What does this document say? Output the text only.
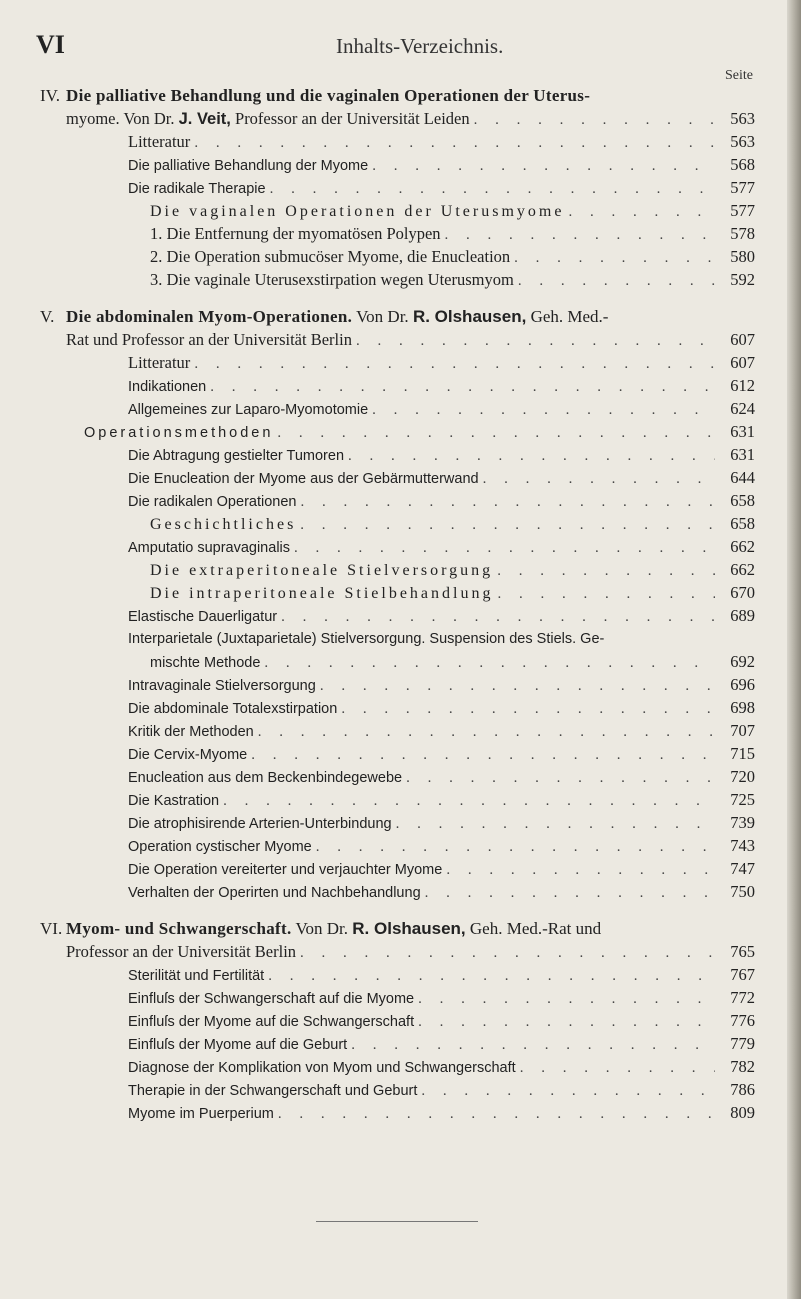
VI	Inhalts-Verzeichnis.
Seite
IV. Die palliative Behandlung und die vaginalen Operationen der Uterus-
myome. Von Dr. J. Veit, Professor an der Universität Leiden . . .	563
Litteratur . . .	563
Die palliative Behandlung der Myome . . .	568
Die radikale Therapie . . .	577
Die vaginalen Operationen der Uterusmyome . . .	577
1. Die Entfernung der myomatösen Polypen . . .	578
2. Die Operation submucöser Myome, die Enucleation . . .	580
3. Die vaginale Uterusexstirpation wegen Uterusmyom . . .	592
V. Die abdominalen Myom-Operationen. Von Dr. R. Olshausen, Geh. Med.-
Rat und Professor an der Universität Berlin . . .	607
Litteratur . . .	607
Indikationen . . .	612
Allgemeines zur Laparo-Myomotomie . . .	624
Operationsmethoden . . .	631
Die Abtragung gestielter Tumoren . . .	631
Die Enucleation der Myome aus der Gebärmutterwand . . .	644
Die radikalen Operationen . . .	658
Geschichtliches . . .	658
Amputatio supravaginalis . . .	662
Die extraperitoneale Stielversorgung . . .	662
Die intraperitoneale Stielbehandlung . . .	670
Elastische Dauerligatur . . .	689
Interparietale (Juxtaparietale) Stielversorgung. Suspension des Stiels. Ge-
mischte Methode . . .	692
Intravaginale Stielversorgung . . .	696
Die abdominale Totalexstirpation . . .	698
Kritik der Methoden . . .	707
Die Cervix-Myome . . .	715
Enucleation aus dem Beckenbindegewebe . . .	720
Die Kastration . . .	725
Die atrophisirende Arterien-Unterbindung . . .	739
Operation cystischer Myome . . .	743
Die Operation vereiterter und verjauchter Myome . . .	747
Verhalten der Operirten und Nachbehandlung . . .	750
VI. Myom- und Schwangerschaft. Von Dr. R. Olshausen, Geh. Med.-Rat und
Professor an der Universität Berlin . . .	765
Sterilität und Fertilität . . .	767
Einfluſs der Schwangerschaft auf die Myome . . .	772
Einfluſs der Myome auf die Schwangerschaft . . .	776
Einfluſs der Myome auf die Geburt . . .	779
Diagnose der Komplikation von Myom und Schwangerschaft . . .	782
Therapie in der Schwangerschaft und Geburt . . .	786
Myome im Puerperium . . .	809
